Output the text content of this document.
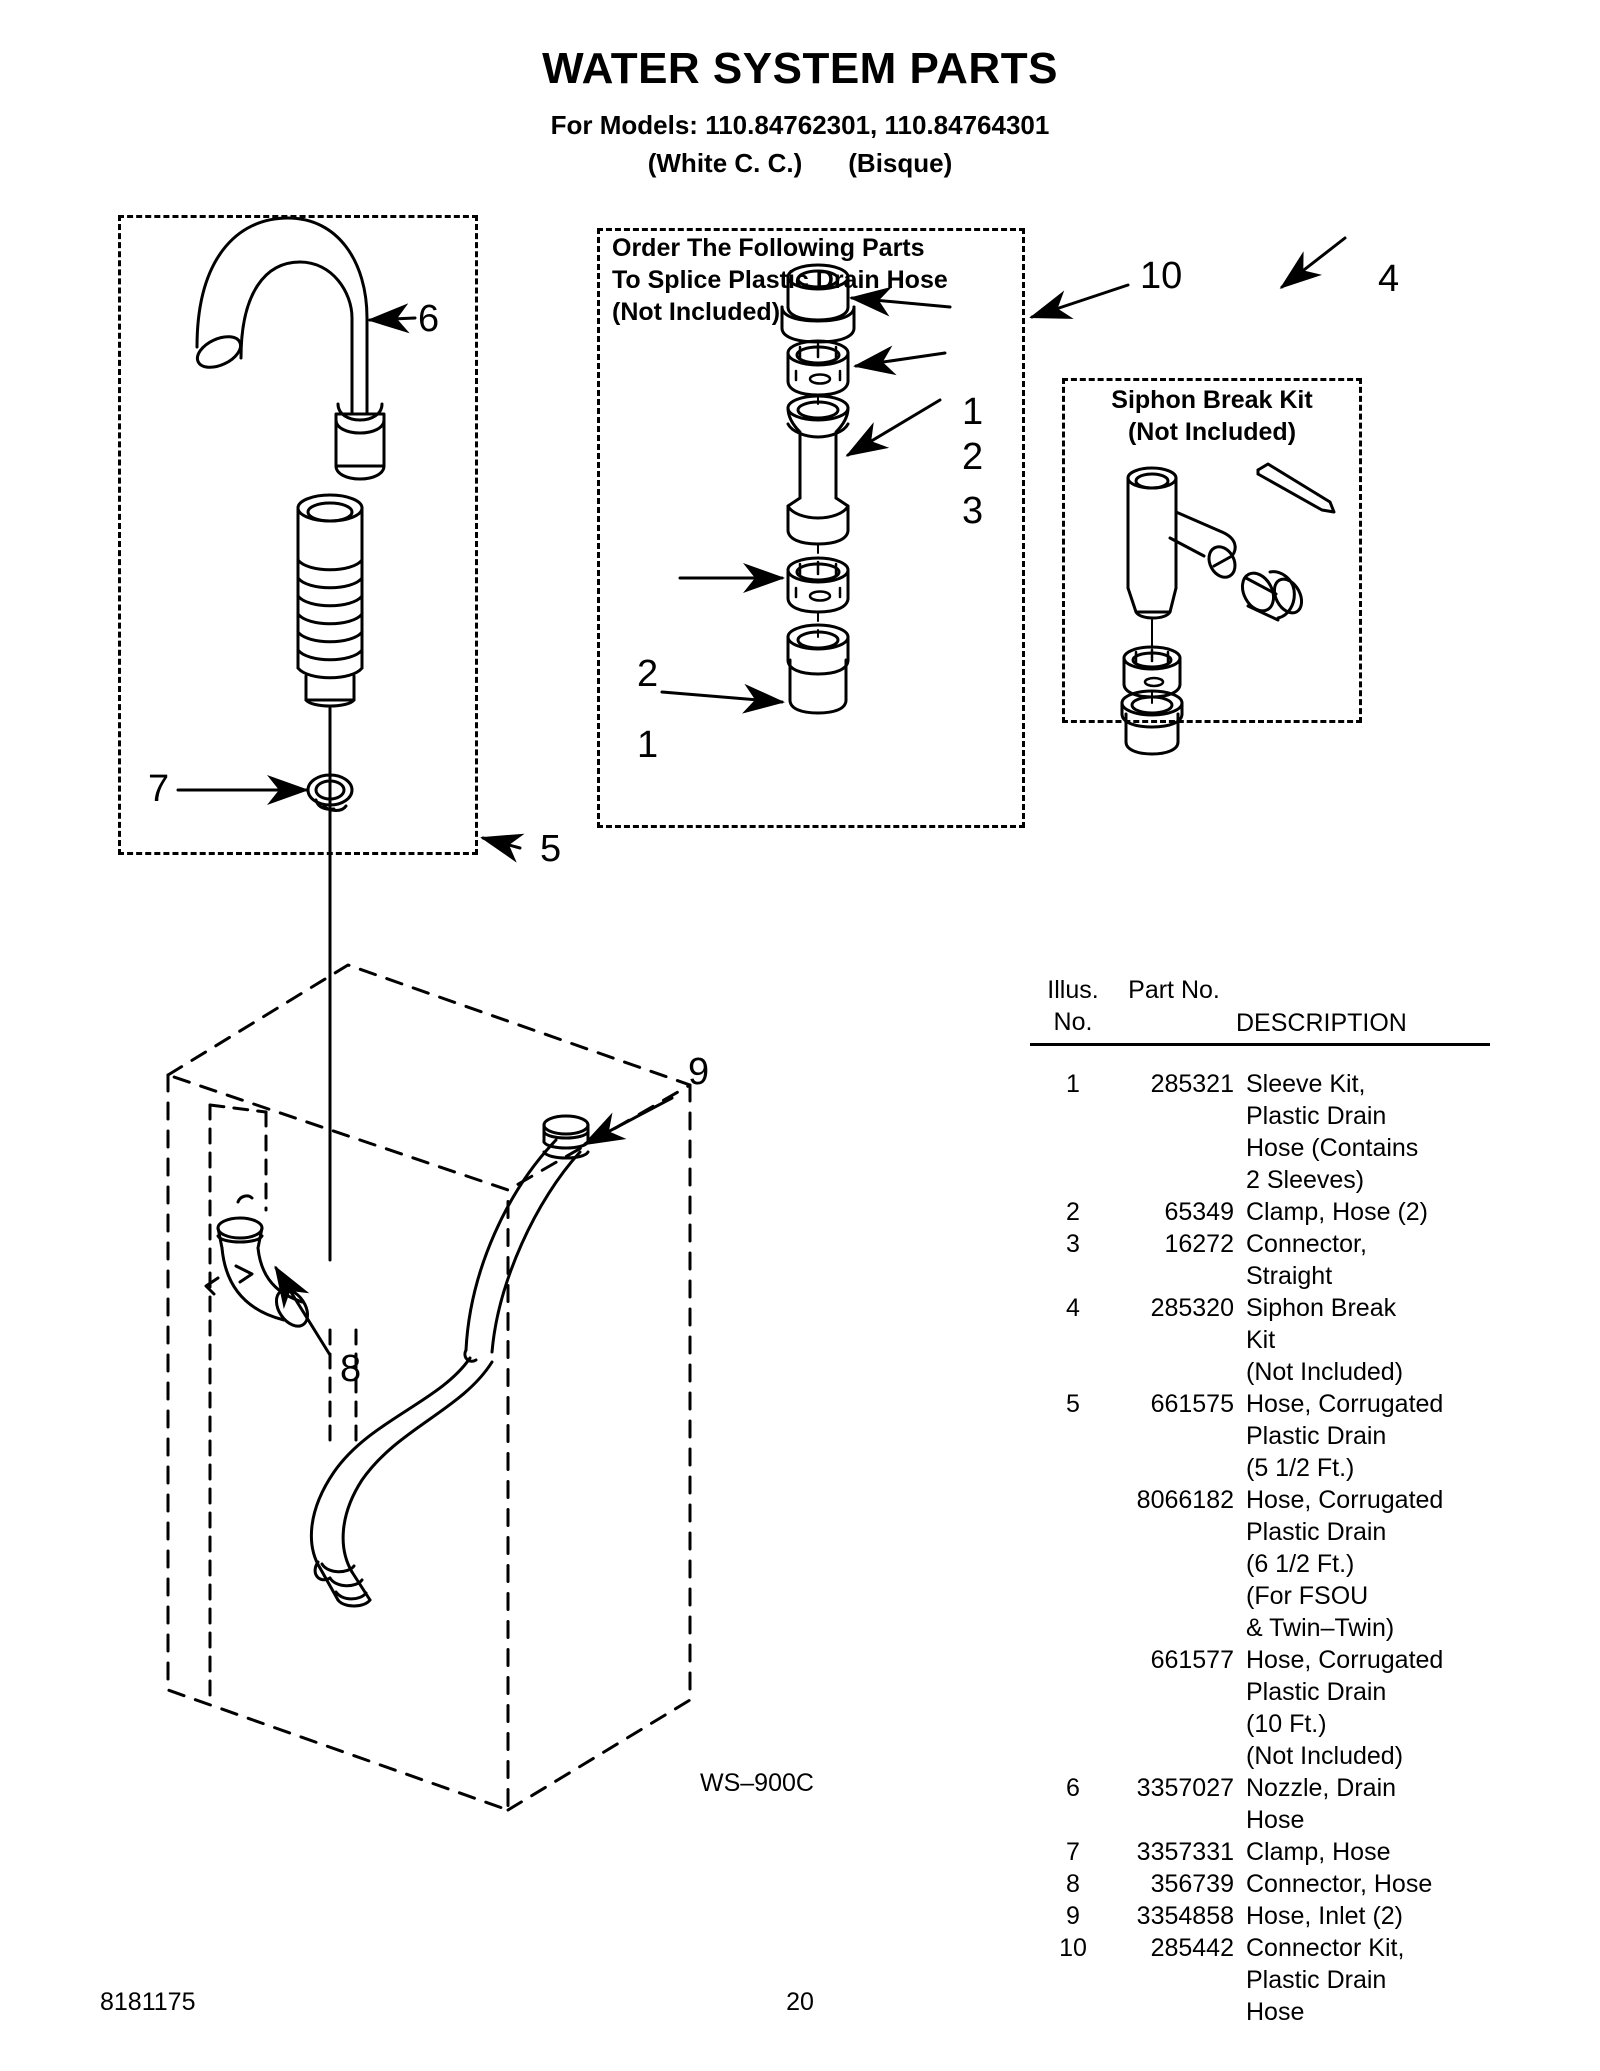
WATER SYSTEM PARTS
For Models: 110.84762301, 110.84764301
(White C. C.) (Bisque)
Order The Following Parts
To Splice Plastic Drain Hose
(Not Included)
Siphon Break Kit
(Not Included)
6
7
5
1
2
3
2
1
10	4
9
8
Illus.
No.
Part No.
DESCRIPTION
1	285321 Sleeve Kit,
Plastic Drain
Hose (Contains
2 Sleeves)
2	65349 Clamp, Hose (2)
3	16272 Connector,
Straight
4	285320 Siphon Break
Kit
(Not Included)
5	661575 Hose, Corrugated
Plastic Drain
(5 1/2 Ft.)
8066182 Hose, Corrugated
Plastic Drain
(6 1/2 Ft.)
(For FSOU
& Twin–Twin)
661577 Hose, Corrugated
Plastic Drain
(10 Ft.)
(Not Included)
6	3357027 Nozzle, Drain
Hose
7	3357331 Clamp, Hose
8	356739 Connector, Hose
9	3354858 Hose, Inlet (2)
10	285442 Connector Kit,
Plastic Drain
Hose
WS–900C
8181175	20
